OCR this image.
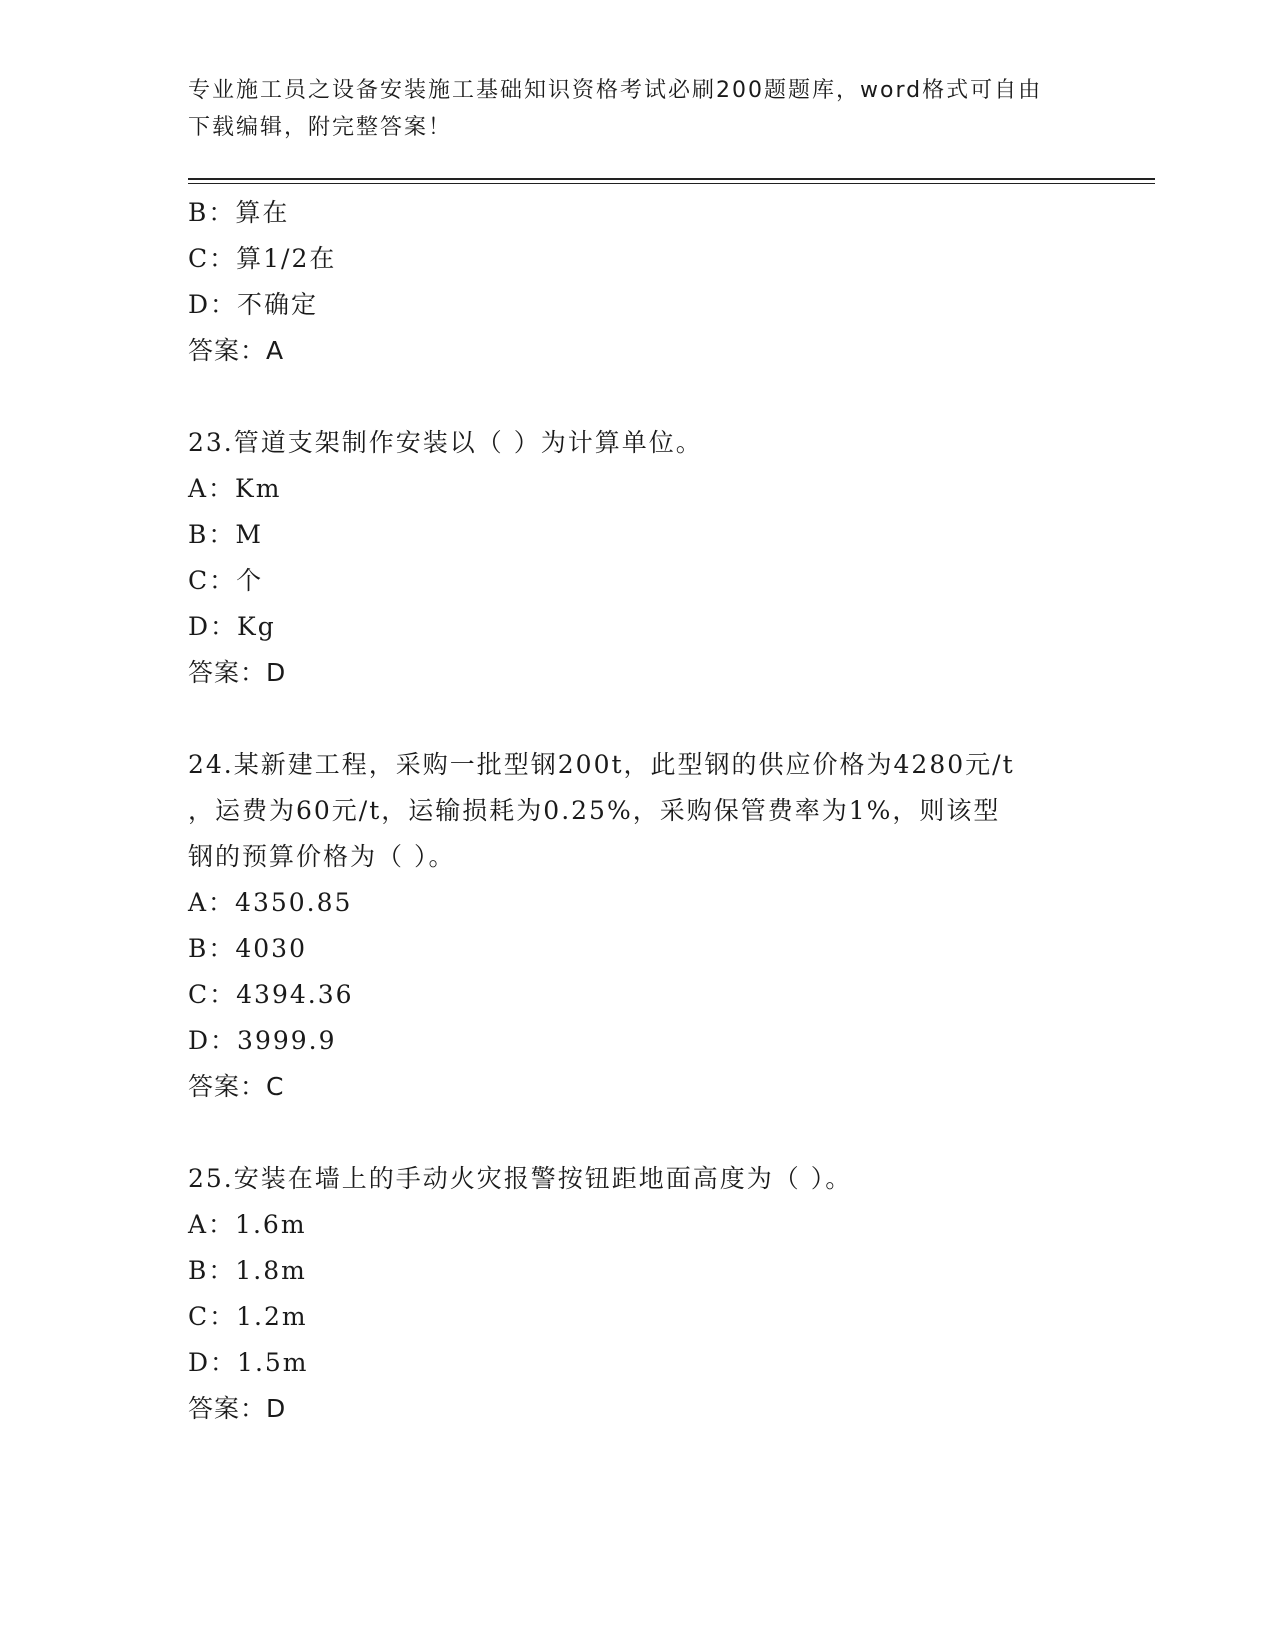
专业施工员之设备安装施工基础知识资格考试必刷200题题库，word格式可自由
下载编辑，附完整答案！
B：算在
C：算1/2在
D：不确定
答案：A
23.管道支架制作安装以（ ）为计算单位。
A：Km
B：M
C：个
D：Kg
答案：D
24.某新建工程，采购一批型钢200t，此型钢的供应价格为4280元/t
，运费为60元/t，运输损耗为0.25%，采购保管费率为1%，则该型
钢的预算价格为（ ）。
A：4350.85
B：4030
C：4394.36
D：3999.9
答案：C
25.安装在墙上的手动火灾报警按钮距地面高度为（ ）。
A：1.6m
B：1.8m
C：1.2m
D：1.5m
答案：D
